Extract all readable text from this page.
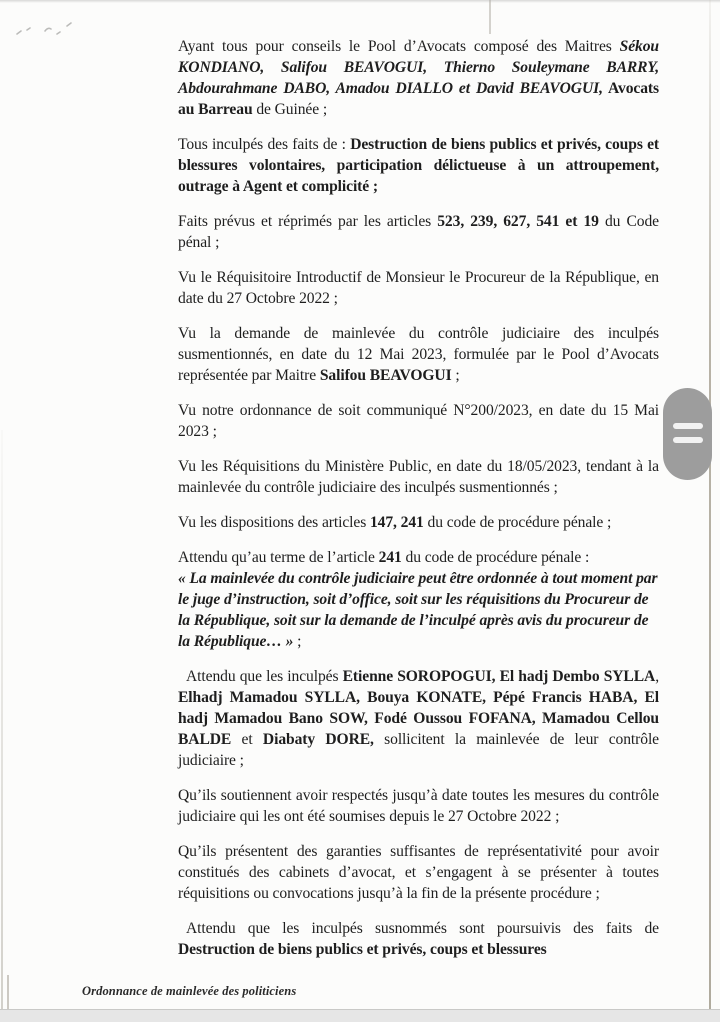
Ayant tous pour conseils le Pool d’Avocats composé des Maitres Sékou KONDIANO, Salifou BEAVOGUI, Thierno Souleymane BARRY, Abdourahmane DABO, Amadou DIALLO et David BEAVOGUI, Avocats au Barreau de Guinée ;

Tous inculpés des faits de : Destruction de biens publics et privés, coups et blessures volontaires, participation délictueuse à un attroupement, outrage à Agent et complicité ;

Faits prévus et réprimés par les articles 523, 239, 627, 541 et 19 du Code pénal ;

Vu le Réquisitoire Introductif de Monsieur le Procureur de la République, en date du 27 Octobre 2022 ;

Vu la demande de mainlevée du contrôle judiciaire des inculpés susmentionnés, en date du 12 Mai 2023, formulée par le Pool d’Avocats représentée par Maitre Salifou BEAVOGUI ;

Vu notre ordonnance de soit communiqué N°200/2023, en date du 15 Mai 2023 ;

Vu les Réquisitions du Ministère Public, en date du 18/05/2023, tendant à la mainlevée du contrôle judiciaire des inculpés susmentionnés ;

Vu les dispositions des articles 147, 241 du code de procédure pénale ;

Attendu qu’au terme de l’article 241 du code de procédure pénale :

« La mainlevée du contrôle judiciaire peut être ordonnée à tout moment par le juge d’instruction, soit d’office, soit sur les réquisitions du Procureur de la République, soit sur la demande de l’inculpé après avis du procureur de la République… » ;

Attendu que les inculpés Etienne SOROPOGUI, El hadj Dembo SYLLA, Elhadj Mamadou SYLLA, Bouya KONATE, Pépé Francis HABA, El hadj Mamadou Bano SOW, Fodé Oussou FOFANA, Mamadou Cellou BALDE et Diabaty DORE, sollicitent la mainlevée de leur contrôle judiciaire ;

Qu’ils soutiennent avoir respectés jusqu’à date toutes les mesures du contrôle judiciaire qui les ont été soumises depuis le 27 Octobre 2022 ;

Qu’ils présentent des garanties suffisantes de représentativité pour avoir constitués des cabinets d’avocat, et s’engagent à se présenter à toutes réquisitions ou convocations jusqu’à la fin de la présente procédure ;

Attendu que les inculpés susnommés sont poursuivis des faits de Destruction de biens publics et privés, coups et blessures

Ordonnance de mainlevée des politiciens
